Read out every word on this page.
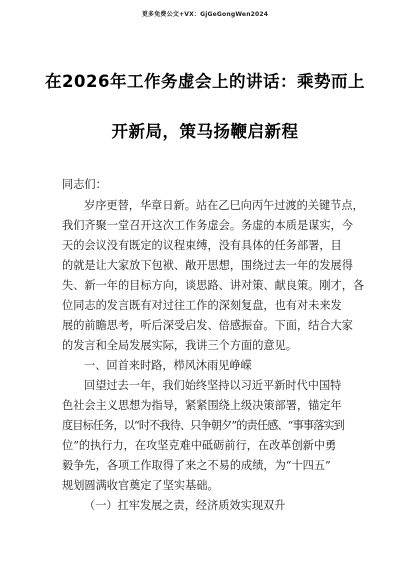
更多免费公文+VX：GjGeGongWen2024
在2026年工作务虚会上的讲话：乘势而上
开新局，策马扬鞭启新程
同志们：
岁序更替，华章日新。站在乙巳向丙午过渡的关键节点，
我们齐聚一堂召开这次工作务虚会。务虚的本质是谋实，今
天的会议没有既定的议程束缚，没有具体的任务部署，目
的就是让大家放下包袱、敞开思想，围绕过去一年的发展得
失、新一年的目标方向，谈思路、讲对策、献良策。刚才，各
位同志的发言既有对过往工作的深刻复盘，也有对未来发
展的前瞻思考，听后深受启发、倍感振奋。下面，结合大家
的发言和全局发展实际，我讲三个方面的意见。
一、回首来时路，栉风沐雨见峥嵘
回望过去一年，我们始终坚持以习近平新时代中国特
色社会主义思想为指导，紧紧围绕上级决策部署，锚定年
度目标任务，以“时不我待、只争朝夕”的责任感、“事事落实到
位”的执行力，在攻坚克难中砥砺前行，在改革创新中勇
毅争先，各项工作取得了来之不易的成绩，为“十四五”
规划圆满收官奠定了坚实基础。
（一）扛牢发展之责，经济质效实现双升
